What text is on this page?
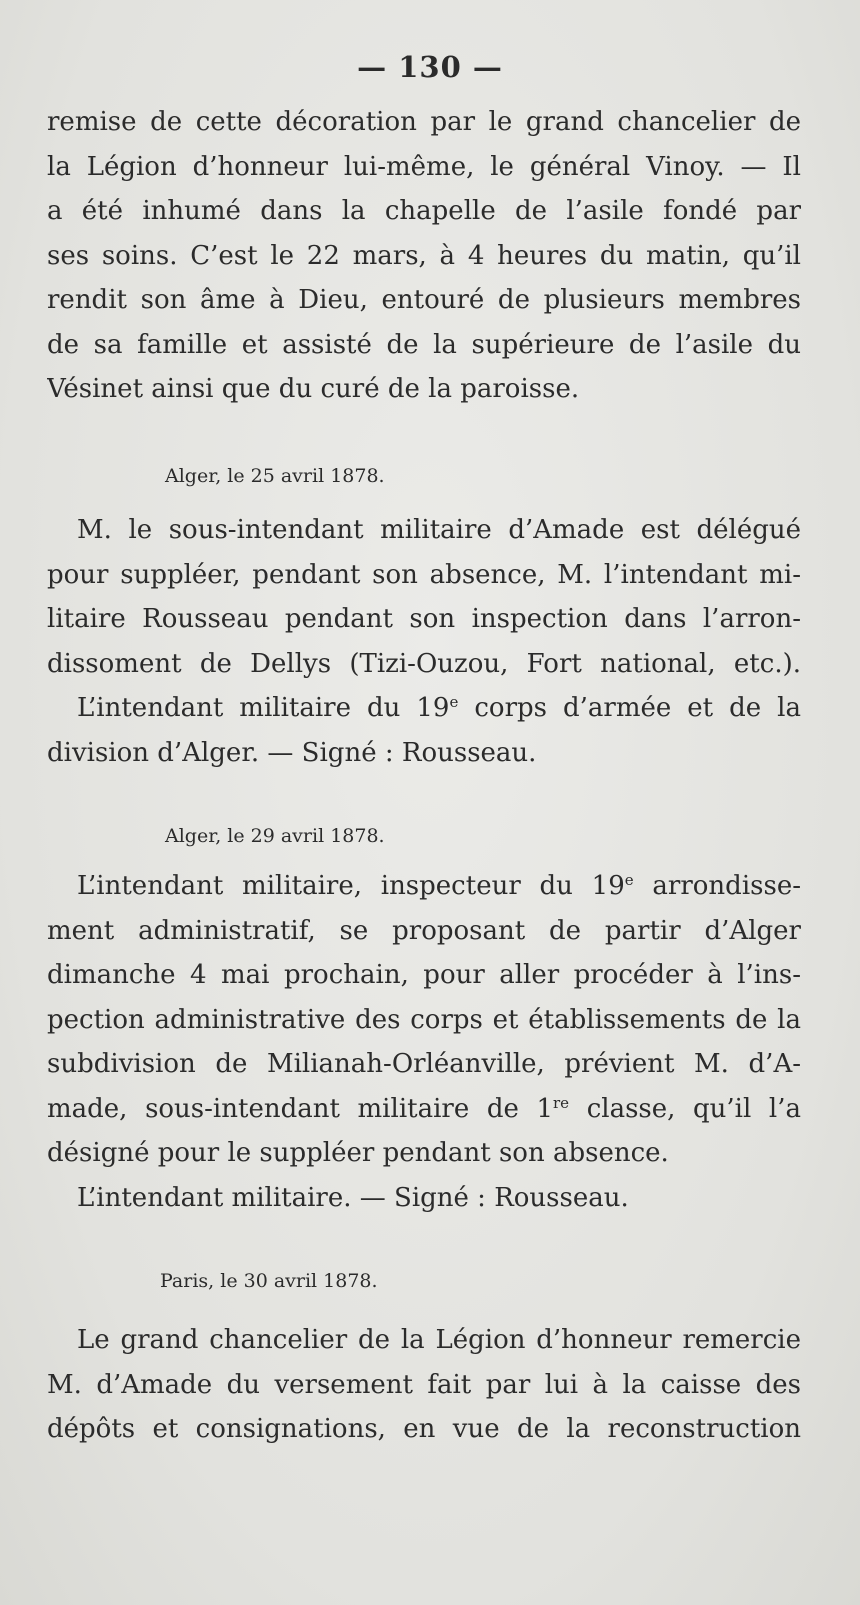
— 130 —
remise de cette décoration par le grand chancelier de
la Légion d’honneur lui-même, le général Vinoy. — Il
a été inhumé dans la chapelle de l’asile fondé par
ses soins. C’est le 22 mars, à 4 heures du matin, qu’il
rendit son âme à Dieu, entouré de plusieurs membres
de sa famille et assisté de la supérieure de l’asile du
Vésinet ainsi que du curé de la paroisse.
Alger, le 25 avril 1878.
M. le sous-intendant militaire d’Amade est délégué
pour suppléer, pendant son absence, M. l’intendant mi-
litaire Rousseau pendant son inspection dans l’arron-
dissoment de Dellys (Tizi-Ouzou, Fort national, etc.).
L’intendant militaire du 19e corps d’armée et de la
division d’Alger. — Signé : Rousseau.
Alger, le 29 avril 1878.
L’intendant militaire, inspecteur du 19e arrondisse-
ment administratif, se proposant de partir d’Alger
dimanche 4 mai prochain, pour aller procéder à l’ins-
pection administrative des corps et établissements de la
subdivision de Milianah-Orléanville, prévient M. d’A-
made, sous-intendant militaire de 1re classe, qu’il l’a
désigné pour le suppléer pendant son absence.
L’intendant militaire. — Signé : Rousseau.
Paris, le 30 avril 1878.
Le grand chancelier de la Légion d’honneur remercie
M. d’Amade du versement fait par lui à la caisse des
dépôts et consignations, en vue de la reconstruction
